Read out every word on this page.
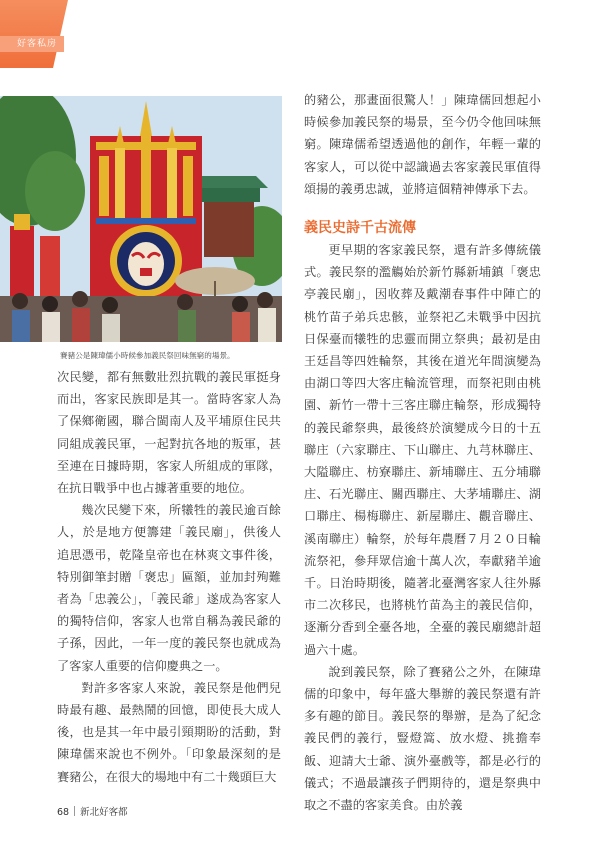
好客私房
賽豬公是陳瑋儒小時候參加義民祭回味無窮的場景。

次民變，都有無數壯烈抗戰的義民軍挺身而出，客家民族即是其一。當時客家人為了保鄉衛國，聯合閩南人及平埔原住民共同組成義民軍，一起對抗各地的叛軍，甚至連在日據時期，客家人所組成的軍隊，在抗日戰爭中也占據著重要的地位。

幾次民變下來，所犧牲的義民逾百餘人，於是地方便籌建「義民廟」，供後人追思憑弔，乾隆皇帝也在林爽文事件後，特別御筆封贈「褒忠」匾額，並加封殉難者為「忠義公」，「義民爺」遂成為客家人的獨特信仰，客家人也常自稱為義民爺的子孫，因此，一年一度的義民祭也就成為了客家人重要的信仰慶典之一。

對許多客家人來說，義民祭是他們兒時最有趣、最熱鬧的回憶，即使長大成人後，也是其一年中最引頸期盼的活動，對陳瑋儒來說也不例外。「印象最深刻的是賽豬公，在很大的場地中有二十幾頭巨大

的豬公，那畫面很驚人！」陳瑋儒回想起小時候參加義民祭的場景，至今仍令他回味無窮。陳瑋儒希望透過他的創作，年輕一輩的客家人，可以從中認識過去客家義民軍值得頌揚的義勇忠誠，並將這個精神傳承下去。

義民史詩千古流傳

更早期的客家義民祭，還有許多傳統儀式。義民祭的濫觴始於新竹縣新埔鎮「褒忠亭義民廟」，因收葬及戴潮春事件中陣亡的桃竹苗子弟兵忠骸，並祭祀乙未戰爭中因抗日保臺而犧牲的忠靈而開立祭典；最初是由王廷昌等四姓輪祭，其後在道光年間演變為由湖口等四大客庄輪流管理，而祭祀則由桃園、新竹一帶十三客庄聯庄輪祭，形成獨特的義民爺祭典，最後終於演變成今日的十五聯庄（六家聯庄、下山聯庄、九芎林聯庄、大隘聯庄、枋寮聯庄、新埔聯庄、五分埔聯庄、石光聯庄、關西聯庄、大茅埔聯庄、湖口聯庄、楊梅聯庄、新屋聯庄、觀音聯庄、溪南聯庄）輪祭，於每年農曆７月２０日輪流祭祀，參拜眾信逾十萬人次，奉獻豬羊逾千。日治時期後，隨著北臺灣客家人往外縣市二次移民，也將桃竹苗為主的義民信仰，逐漸分香到全臺各地，全臺的義民廟總計超過六十處。

說到義民祭，除了賽豬公之外，在陳瑋儒的印象中，每年盛大舉辦的義民祭還有許多有趣的節目。義民祭的舉辦，是為了紀念義民們的義行，豎燈篙、放水燈、挑擔奉飯、迎請大士爺、演外臺戲等，都是必行的儀式；不過最讓孩子們期待的，還是祭典中取之不盡的客家美食。由於義

68 新北好客都
